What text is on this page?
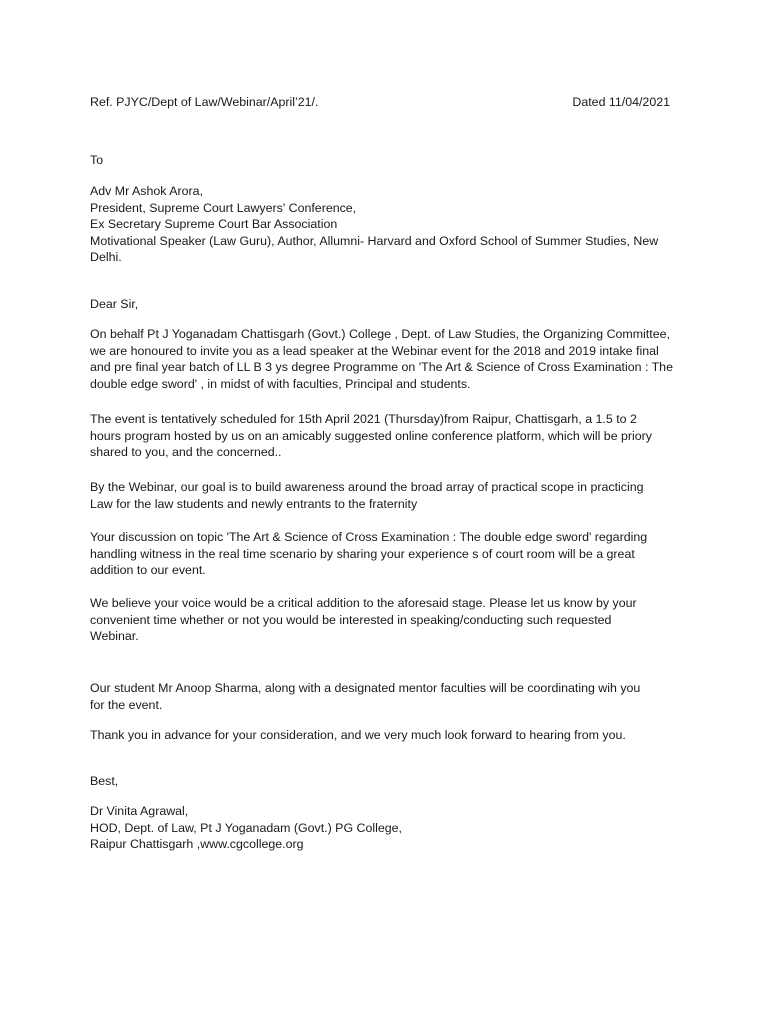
Ref. PJYC/Dept of Law/Webinar/April’21/.	Dated 11/04/2021
To
Adv Mr Ashok Arora,
President, Supreme Court Lawyers' Conference,
Ex Secretary Supreme Court Bar Association
Motivational Speaker (Law Guru), Author, Allumni- Harvard and Oxford School of Summer Studies, New
Delhi.
Dear Sir,
On behalf Pt J Yoganadam Chattisgarh (Govt.) College , Dept. of Law Studies, the Organizing Committee,
we are honoured to invite you as a lead speaker at the Webinar event for the 2018 and 2019 intake final
and pre final year batch of LL B 3 ys degree Programme on 'The Art & Science of Cross Examination : The
double edge sword' , in midst of with faculties, Principal and students.
The event is tentatively scheduled for 15th April 2021 (Thursday)from Raipur, Chattisgarh, a 1.5 to 2
hours program hosted by us on an amicably suggested online conference platform, which will be priory
shared to you, and the concerned..
By the Webinar, our goal is to build awareness around the broad array of practical scope in practicing
Law for the law students and newly entrants to the fraternity
Your discussion on topic 'The Art & Science of Cross Examination : The double edge sword' regarding
handling witness in the real time scenario by sharing your experience s of court room will be a great
addition to our event.
We believe your voice would be a critical addition to the aforesaid stage. Please let us know by your
convenient time whether or not you would be interested in speaking/conducting such requested
Webinar.
Our student Mr Anoop Sharma, along with a designated mentor faculties will be coordinating wih you
for the event.
Thank you in advance for your consideration, and we very much look forward to hearing from you.
Best,
Dr Vinita Agrawal,
HOD, Dept. of Law, Pt J Yoganadam (Govt.) PG College,
Raipur Chattisgarh ,www.cgcollege.org
